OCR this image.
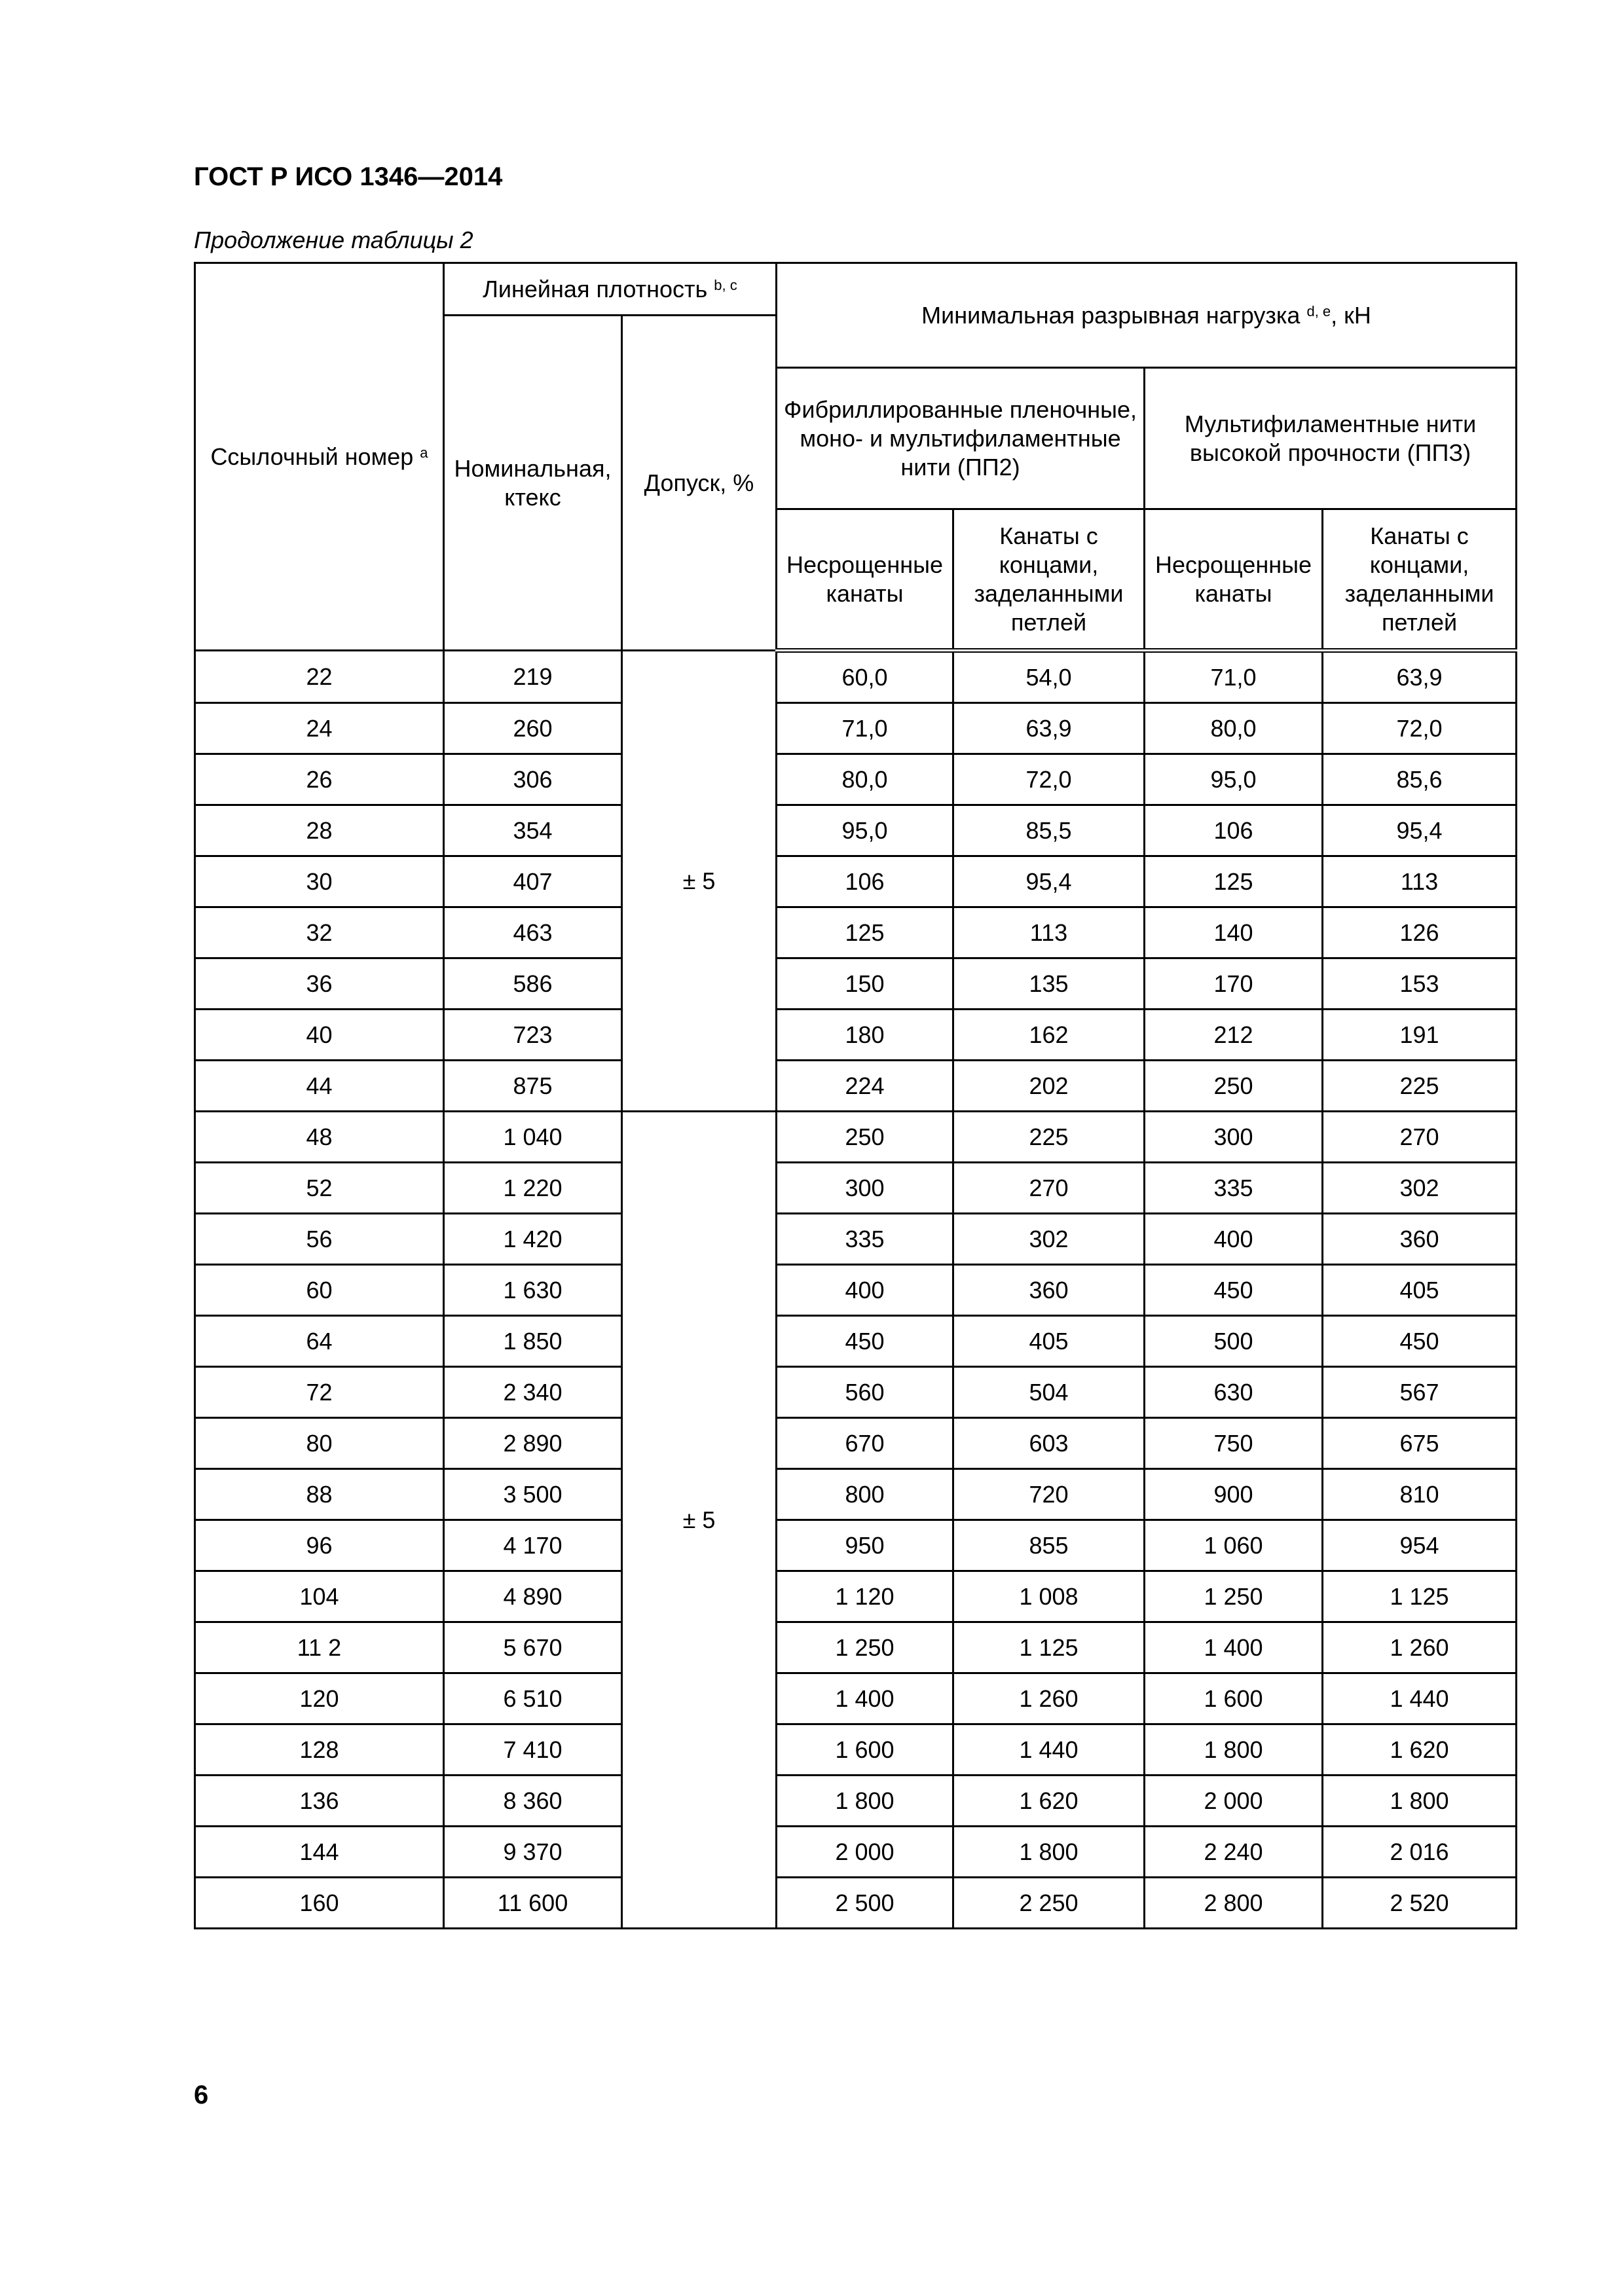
ГОСТ Р ИСО 1346—2014
Продолжение таблицы 2
Ссылочный номер $^a$	Линейная плотность $^{b, c}$		Минимальная разрывная нагрузка $^{d, e}$, кН			
	Номинальная, ктекс	Допуск, %				
			Фибриллированные пленочные, моно- и мультифиламентные нити (ПП2)		Мультифиламентные нити высокой прочности (ППЗ)	
			Несрощенные канаты	Канаты с концами, заделанными петлей	Несрощенные канаты	Канаты с концами, заделанными петлей
22	219	± 5	60,0	54,0	71,0	63,9
24	260		71,0	63,9	80,0	72,0
26	306		80,0	72,0	95,0	85,6
28	354		95,0	85,5	106	95,4
30	407		106	95,4	125	113
32	463		125	113	140	126
36	586		150	135	170	153
40	723		180	162	212	191
44	875		224	202	250	225
48	1 040	± 5	250	225	300	270
52	1 220		300	270	335	302
56	1 420		335	302	400	360
60	1 630		400	360	450	405
64	1 850		450	405	500	450
72	2 340		560	504	630	567
80	2 890		670	603	750	675
88	3 500		800	720	900	810
96	4 170		950	855	1 060	954
104	4 890		1 120	1 008	1 250	1 125
11 2	5 670		1 250	1 125	1 400	1 260
120	6 510		1 400	1 260	1 600	1 440
128	7 410		1 600	1 440	1 800	1 620
136	8 360		1 800	1 620	2 000	1 800
144	9 370		2 000	1 800	2 240	2 016
160	11 600		2 500	2 250	2 800	2 520
6
